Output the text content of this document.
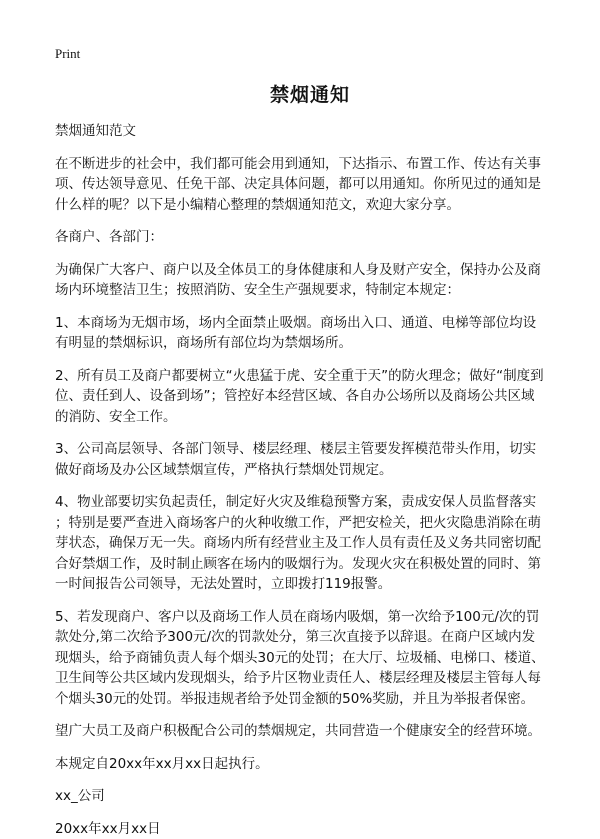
Print
禁烟通知
禁烟通知范文
在不断进步的社会中，我们都可能会用到通知，下达指示、布置工作、传达有关事
项、传达领导意见、任免干部、决定具体问题，都可以用通知。你所见过的通知是
什么样的呢？以下是小编精心整理的禁烟通知范文，欢迎大家分享。
各商户、各部门：
为确保广大客户、商户以及全体员工的身体健康和人身及财产安全，保持办公及商
场内环境整洁卫生；按照消防、安全生产强规要求，特制定本规定：
1、本商场为无烟市场，场内全面禁止吸烟。商场出入口、通道、电梯等部位均设
有明显的禁烟标识，商场所有部位均为禁烟场所。
2、所有员工及商户都要树立“火患猛于虎、安全重于天”的防火理念；做好“制度到
位、责任到人、设备到场”；管控好本经营区域、各自办公场所以及商场公共区域
的消防、安全工作。
3、公司高层领导、各部门领导、楼层经理、楼层主管要发挥模范带头作用，切实
做好商场及办公区域禁烟宣传，严格执行禁烟处罚规定。
4、物业部要切实负起责任，制定好火灾及维稳预警方案，责成安保人员监督落实
；特别是要严查进入商场客户的火种收缴工作，严把安检关，把火灾隐患消除在萌
芽状态，确保万无一失。商场内所有经营业主及工作人员有责任及义务共同密切配
合好禁烟工作，及时制止顾客在场内的吸烟行为。发现火灾在积极处置的同时、第
一时间报告公司领导，无法处置时，立即拨打119报警。
5、若发现商户、客户以及商场工作人员在商场内吸烟，第一次给予100元/次的罚
款处分,第二次给予300元/次的罚款处分，第三次直接予以辞退。在商户区域内发
现烟头，给予商铺负责人每个烟头30元的处罚；在大厅、垃圾桶、电梯口、楼道、
卫生间等公共区域内发现烟头，给予片区物业责任人、楼层经理及楼层主管每人每
个烟头30元的处罚。举报违规者给予处罚金额的50%奖励，并且为举报者保密。
望广大员工及商户积极配合公司的禁烟规定，共同营造一个健康安全的经营环境。
本规定自20xx年xx月xx日起执行。
xx_公司
20xx年xx月xx日
